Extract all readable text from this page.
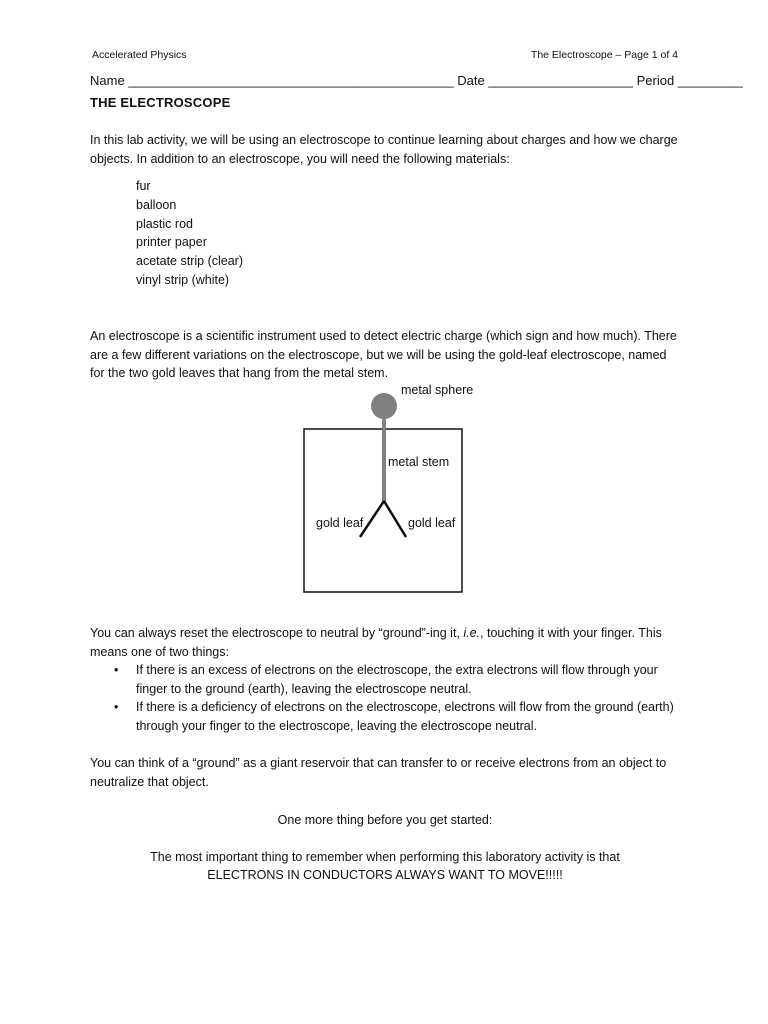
Accelerated Physics	The Electroscope – Page 1 of 4
Name _____________________________________________ Date ____________________ Period _________
THE ELECTROSCOPE
In this lab activity, we will be using an electroscope to continue learning about charges and how we charge objects. In addition to an electroscope, you will need the following materials:
fur
balloon
plastic rod
printer paper
acetate strip (clear)
vinyl strip (white)
An electroscope is a scientific instrument used to detect electric charge (which sign and how much). There are a few different variations on the electroscope, but we will be using the gold-leaf electroscope, named for the two gold leaves that hang from the metal stem.
metal sphere
metal stem
gold leaf	gold leaf
You can always reset the electroscope to neutral by “ground”-ing it, i.e., touching it with your finger. This means one of two things:
• If there is an excess of electrons on the electroscope, the extra electrons will flow through your finger to the ground (earth), leaving the electroscope neutral.
• If there is a deficiency of electrons on the electroscope, electrons will flow from the ground (earth) through your finger to the electroscope, leaving the electroscope neutral.
You can think of a “ground” as a giant reservoir that can transfer to or receive electrons from an object to neutralize that object.
One more thing before you get started:
The most important thing to remember when performing this laboratory activity is that
ELECTRONS IN CONDUCTORS ALWAYS WANT TO MOVE!!!!!
